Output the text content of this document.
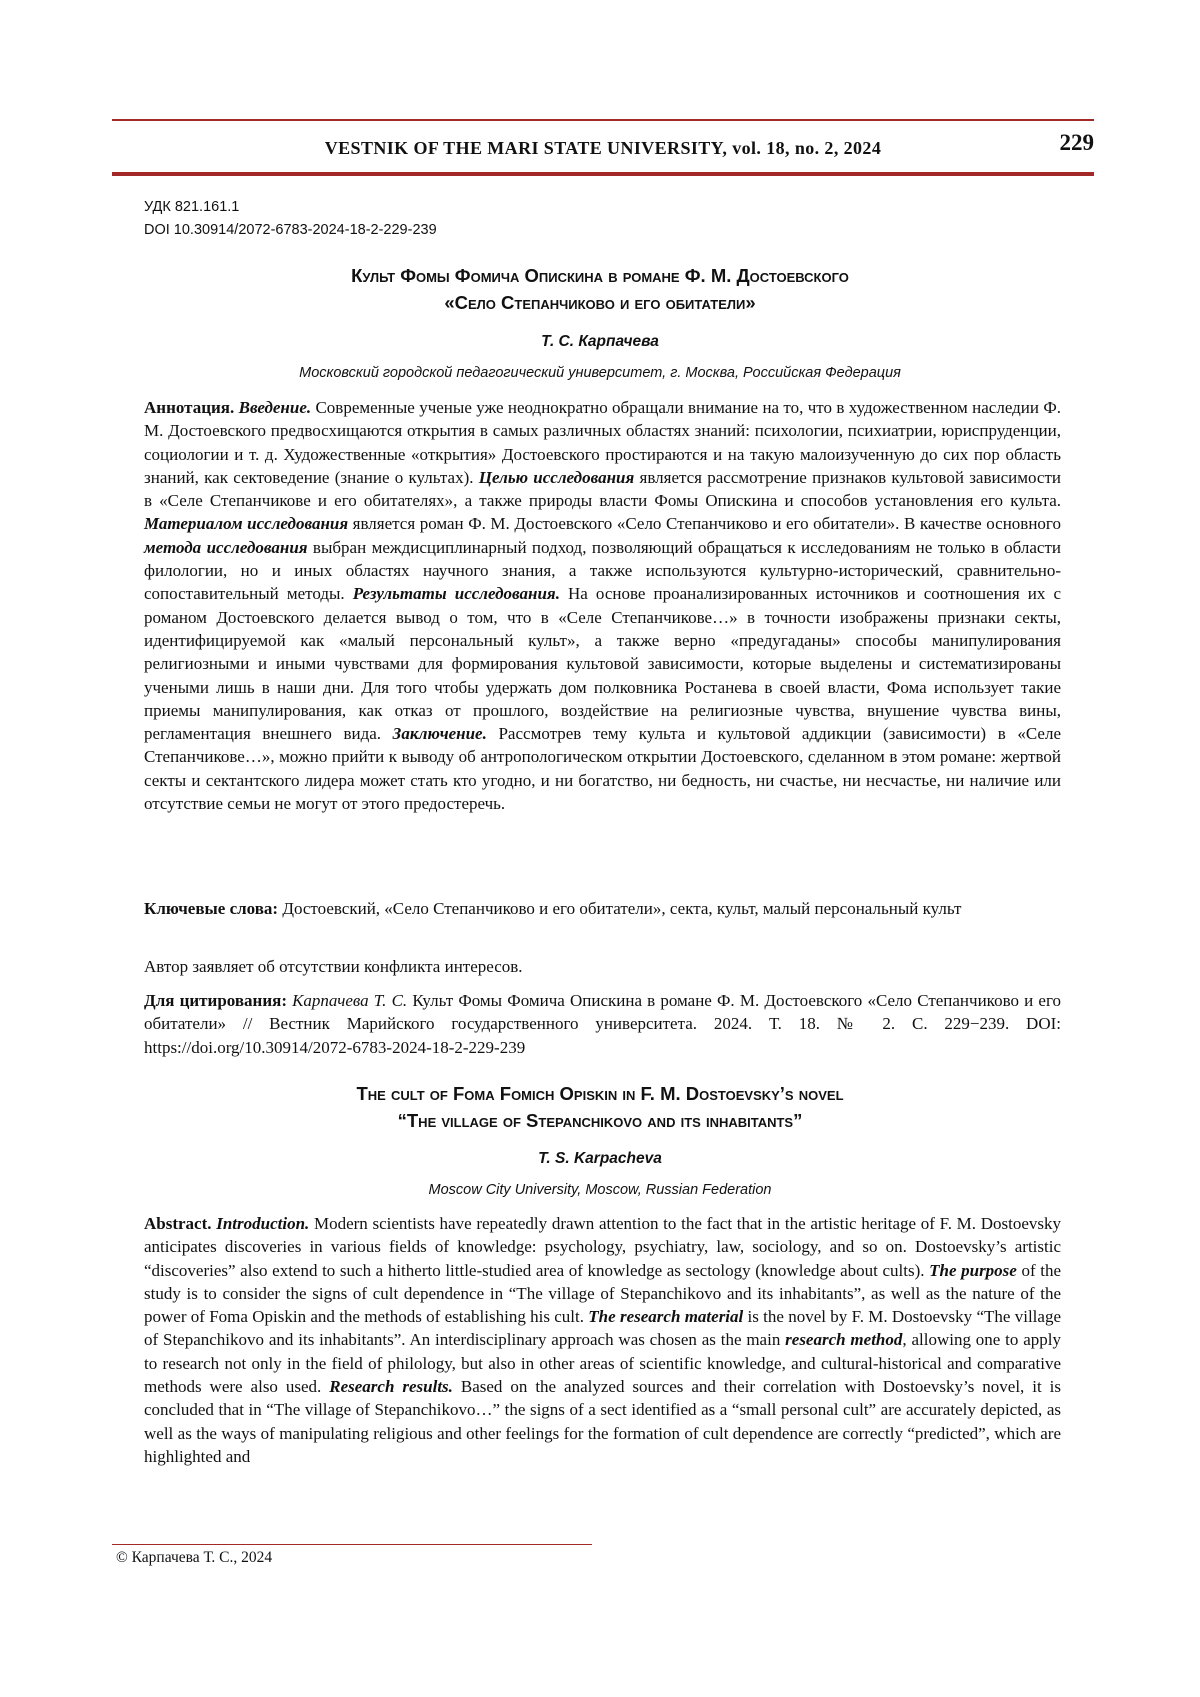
VESTNIK OF THE MARI STATE UNIVERSITY, vol. 18, no. 2, 2024	229
УДК 821.161.1
DOI 10.30914/2072-6783-2024-18-2-229-239
Культ Фомы Фомича Опискина в романе Ф. М. Достоевского
«Село Степанчиково и его обитатели»
Т. С. Карпачева
Московский городской педагогический университет, г. Москва, Российская Федерация
Аннотация. Введение. Современные ученые уже неоднократно обращали внимание на то, что в художественном наследии Ф. М. Достоевского предвосхищаются открытия в самых различных областях знаний: психологии, психиатрии, юриспруденции, социологии и т. д. Художественные «открытия» Достоевского простираются и на такую малоизученную до сих пор область знаний, как сектоведение (знание о культах). Целью исследования является рассмотрение признаков культовой зависимости в «Селе Степанчикове и его обитателях», а также природы власти Фомы Опискина и способов установления его культа. Материалом исследования является роман Ф. М. Достоевского «Село Степанчиково и его обитатели». В качестве основного метода исследования выбран междисциплинарный подход, позволяющий обращаться к исследованиям не только в области филологии, но и иных областях научного знания, а также используются культурно-исторический, сравнительно-сопоставительный методы. Результаты исследования. На основе проанализированных источников и соотношения их с романом Достоевского делается вывод о том, что в «Селе Степанчикове…» в точности изображены признаки секты, идентифицируемой как «малый персональный культ», а также верно «предугаданы» способы манипулирования религиозными и иными чувствами для формирования культовой зависимости, которые выделены и систематизированы учеными лишь в наши дни. Для того чтобы удержать дом полковника Ростанева в своей власти, Фома использует такие приемы манипулирования, как отказ от прошлого, воздействие на религиозные чувства, внушение чувства вины, регламентация внешнего вида. Заключение. Рассмотрев тему культа и культовой аддикции (зависимости) в «Селе Степанчикове…», можно прийти к выводу об антропологическом открытии Достоевского, сделанном в этом романе: жертвой секты и сектантского лидера может стать кто угодно, и ни богатство, ни бедность, ни счастье, ни несчастье, ни наличие или отсутствие семьи не могут от этого предостеречь.
Ключевые слова: Достоевский, «Село Степанчиково и его обитатели», секта, культ, малый персональный культ
Автор заявляет об отсутствии конфликта интересов.
Для цитирования: Карпачева Т. С. Культ Фомы Фомича Опискина в романе Ф. М. Достоевского «Село Степанчиково и его обитатели» // Вестник Марийского государственного университета. 2024. Т. 18. № 2. С. 229−239. DOI: https://doi.org/10.30914/2072-6783-2024-18-2-229-239
The cult of Foma Fomich Opiskin in F. M. Dostoevsky’s novel
“The village of Stepanchikovo and its inhabitants”
T. S. Karpacheva
Moscow City University, Moscow, Russian Federation
Abstract. Introduction. Modern scientists have repeatedly drawn attention to the fact that in the artistic heritage of F. M. Dostoevsky anticipates discoveries in various fields of knowledge: psychology, psychiatry, law, sociology, and so on. Dostoevsky’s artistic “discoveries” also extend to such a hitherto little-studied area of knowledge as sectology (knowledge about cults). The purpose of the study is to consider the signs of cult dependence in “The village of Stepanchikovo and its inhabitants”, as well as the nature of the power of Foma Opiskin and the methods of establishing his cult. The research material is the novel by F. M. Dostoevsky “The village of Stepanchikovo and its inhabitants”. An interdisciplinary approach was chosen as the main research method, allowing one to apply to research not only in the field of philology, but also in other areas of scientific knowledge, and cultural-historical and comparative methods were also used. Research results. Based on the analyzed sources and their correlation with Dostoevsky’s novel, it is concluded that in “The village of Stepanchikovo…” the signs of a sect identified as a “small personal cult” are accurately depicted, as well as the ways of manipulating religious and other feelings for the formation of cult dependence are correctly “predicted”, which are highlighted and
© Карпачева Т. С., 2024
